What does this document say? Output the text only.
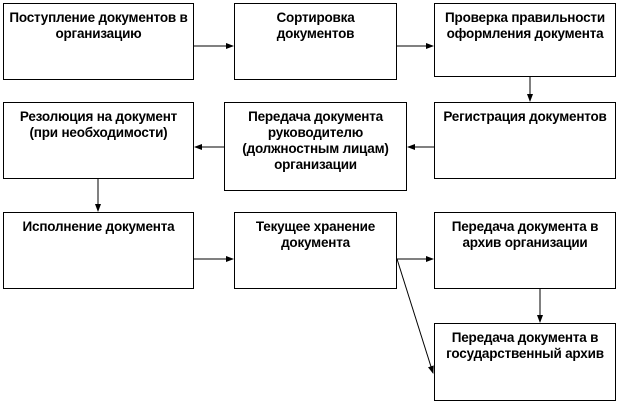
Поступление документов в организацию
Сортировка документов
Проверка правильности оформления документа
Резолюция на документ (при необходимости)
Передача документа руководителю (должностным лицам) организации
Регистрация документов
Исполнение документа	Текущее хранение документа
Передача документа в архив организации
Передача документа в государственный архив
